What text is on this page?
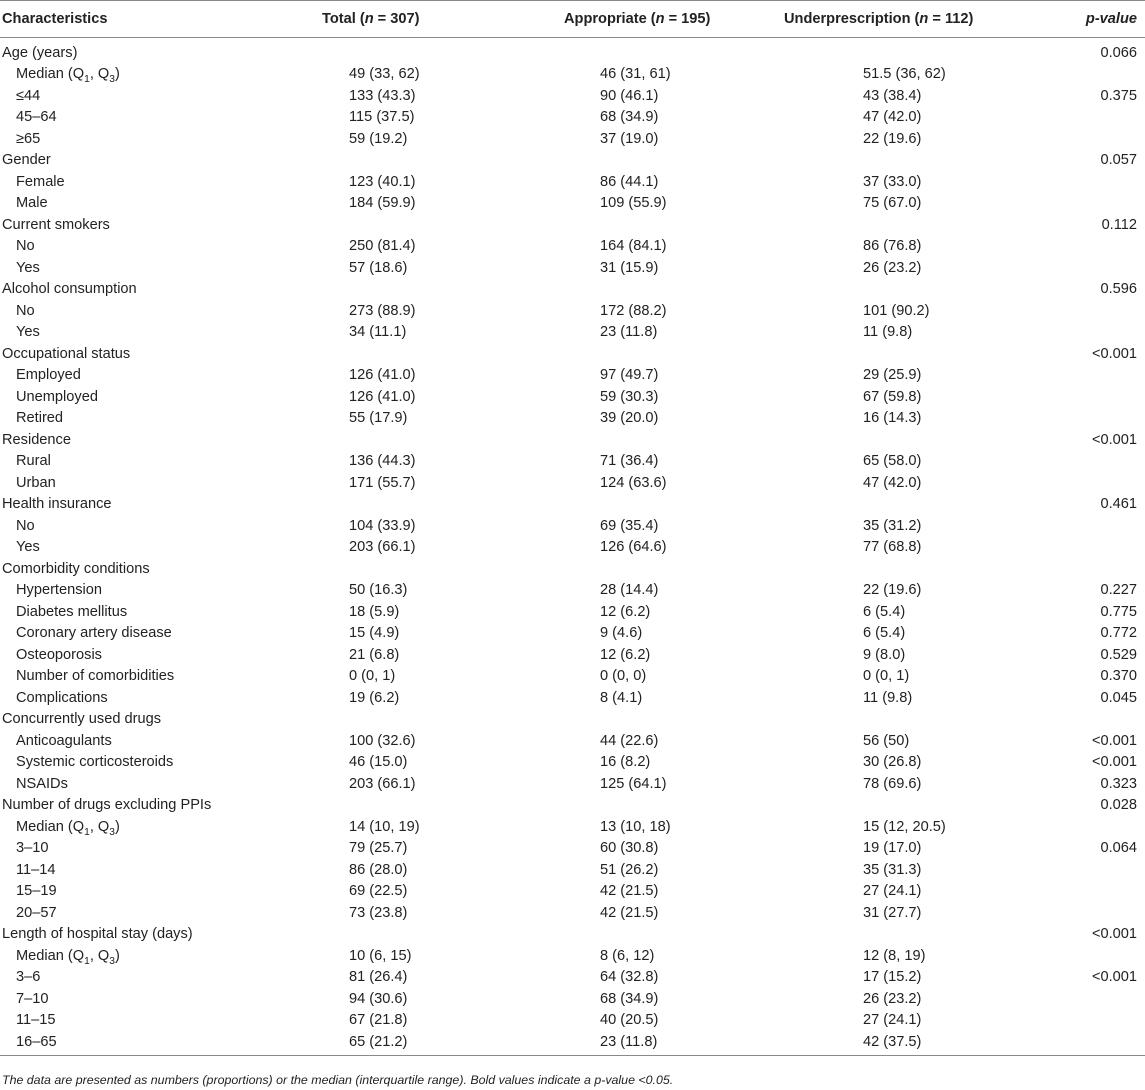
Characteristics	Total (n = 307)	Appropriate (n = 195)	Underprescription (n = 112)	p-value
Age (years)				0.066
Median ($Q_1$, $Q_3$)	49 (33, 62)	46 (31, 61)	51.5 (36, 62)	
≤44	133 (43.3)	90 (46.1)	43 (38.4)	0.375
45–64	115 (37.5)	68 (34.9)	47 (42.0)	
≥65	59 (19.2)	37 (19.0)	22 (19.6)	
Gender				0.057
Female	123 (40.1)	86 (44.1)	37 (33.0)	
Male	184 (59.9)	109 (55.9)	75 (67.0)	
Current smokers				0.112
No	250 (81.4)	164 (84.1)	86 (76.8)	
Yes	57 (18.6)	31 (15.9)	26 (23.2)	
Alcohol consumption				0.596
No	273 (88.9)	172 (88.2)	101 (90.2)	
Yes	34 (11.1)	23 (11.8)	11 (9.8)	
Occupational status				<0.001
Employed	126 (41.0)	97 (49.7)	29 (25.9)	
Unemployed	126 (41.0)	59 (30.3)	67 (59.8)	
Retired	55 (17.9)	39 (20.0)	16 (14.3)	
Residence				<0.001
Rural	136 (44.3)	71 (36.4)	65 (58.0)	
Urban	171 (55.7)	124 (63.6)	47 (42.0)	
Health insurance				0.461
No	104 (33.9)	69 (35.4)	35 (31.2)	
Yes	203 (66.1)	126 (64.6)	77 (68.8)	
Comorbidity conditions				
Hypertension	50 (16.3)	28 (14.4)	22 (19.6)	0.227
Diabetes mellitus	18 (5.9)	12 (6.2)	6 (5.4)	0.775
Coronary artery disease	15 (4.9)	9 (4.6)	6 (5.4)	0.772
Osteoporosis	21 (6.8)	12 (6.2)	9 (8.0)	0.529
Number of comorbidities	0 (0, 1)	0 (0, 0)	0 (0, 1)	0.370
Complications	19 (6.2)	8 (4.1)	11 (9.8)	0.045
Concurrently used drugs				
Anticoagulants	100 (32.6)	44 (22.6)	56 (50)	<0.001
Systemic corticosteroids	46 (15.0)	16 (8.2)	30 (26.8)	<0.001
NSAIDs	203 (66.1)	125 (64.1)	78 (69.6)	0.323
Number of drugs excluding PPIs				0.028
Median ($Q_1$, $Q_3$)	14 (10, 19)	13 (10, 18)	15 (12, 20.5)	
3–10	79 (25.7)	60 (30.8)	19 (17.0)	0.064
11–14	86 (28.0)	51 (26.2)	35 (31.3)	
15–19	69 (22.5)	42 (21.5)	27 (24.1)	
20–57	73 (23.8)	42 (21.5)	31 (27.7)	
Length of hospital stay (days)				<0.001
Median ($Q_1$, $Q_3$)	10 (6, 15)	8 (6, 12)	12 (8, 19)	
3–6	81 (26.4)	64 (32.8)	17 (15.2)	<0.001
7–10	94 (30.6)	68 (34.9)	26 (23.2)	
11–15	67 (21.8)	40 (20.5)	27 (24.1)	
16–65	65 (21.2)	23 (11.8)	42 (37.5)	
The data are presented as numbers (proportions) or the median (interquartile range). Bold values indicate a p-value <0.05.
